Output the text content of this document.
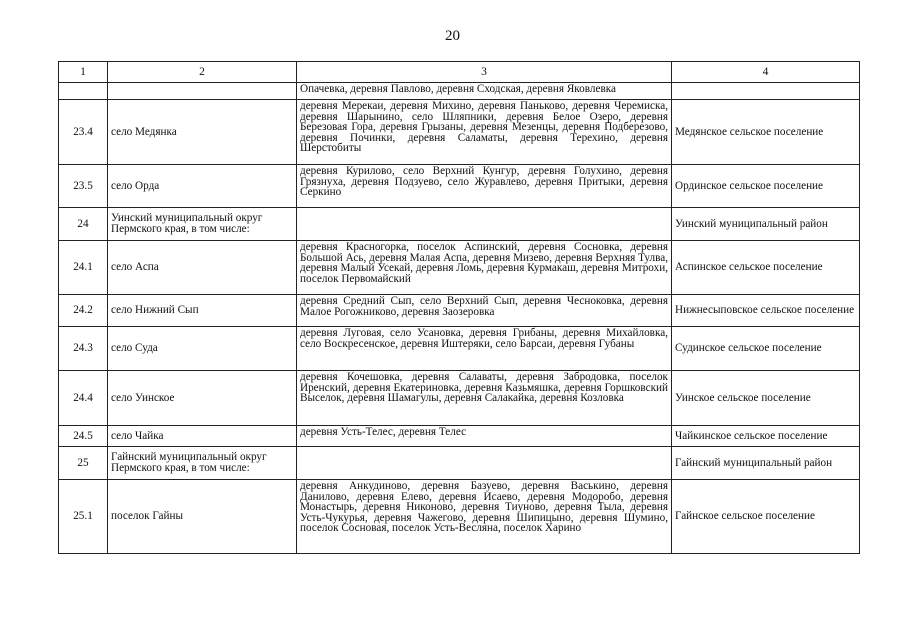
20
1	2	3	4
		Опачевка, деревня Павлово, деревня Сходская, деревня Яковлевка	
23.4	село Медянка	деревня Мерекаи, деревня Михино, деревня Паньково, деревня Черемиска, деревня Шарынино, село Шляпники, деревня Белое Озеро, деревня Березовая Гора, деревня Грызаны, деревня Мезенцы, деревня Подберезово, деревня Починки, деревня Саламаты, деревня Терехино, деревня Шерстобиты	Медянское сельское поселение
23.5	село Орда	деревня Курилово, село Верхний Кунгур, деревня Голухино, деревня Грязнуха, деревня Подзуево, село Журавлево, деревня Притыки, деревня Серкино	Ординское сельское поселение
24	Уинский муниципальный округ Пермского края, в том числе:		Уинский муниципальный район
24.1	село Аспа	деревня Красногорка, поселок Аспинский, деревня Сосновка, деревня Большой Ась, деревня Малая Аспа, деревня Мизево, деревня Верхняя Тулва, деревня Малый Усекай, деревня Ломь, деревня Курмакаш, деревня Митрохи, поселок Первомайский	Аспинское сельское поселение
24.2	село Нижний Сып	деревня Средний Сып, село Верхний Сып, деревня Чесноковка, деревня Малое Рогожниково, деревня Заозеровка	Нижнесыповское сельское поселение
24.3	село Суда	деревня Луговая, село Усановка, деревня Грибаны, деревня Михайловка, село Воскресенское, деревня Иштеряки, село Барсаи, деревня Губаны	Судинское сельское поселение
24.4	село Уинское	деревня Кочешовка, деревня Салаваты, деревня Забродовка, поселок Иренский, деревня Екатериновка, деревня Казьмяшка, деревня Горшковский Выселок, деревня Шамагулы, деревня Салакайка, деревня Козловка	Уинское сельское поселение
24.5	село Чайка	деревня Усть-Телес, деревня Телес	Чайкинское сельское поселение
25	Гайнский муниципальный округ Пермского края, в том числе:		Гайнский муниципальный район
25.1	поселок Гайны	деревня Анкудиново, деревня Базуево, деревня Васькино, деревня Данилово, деревня Елево, деревня Исаево, деревня Модоробо, деревня Монастырь, деревня Никоново, деревня Тиуново, деревня Тыла, деревня Усть-Чукурья, деревня Чажегово, деревня Шипицыно, деревня Шумино, поселок Сосновая, поселок Усть-Весляна, поселок Харино	Гайнское сельское поселение
